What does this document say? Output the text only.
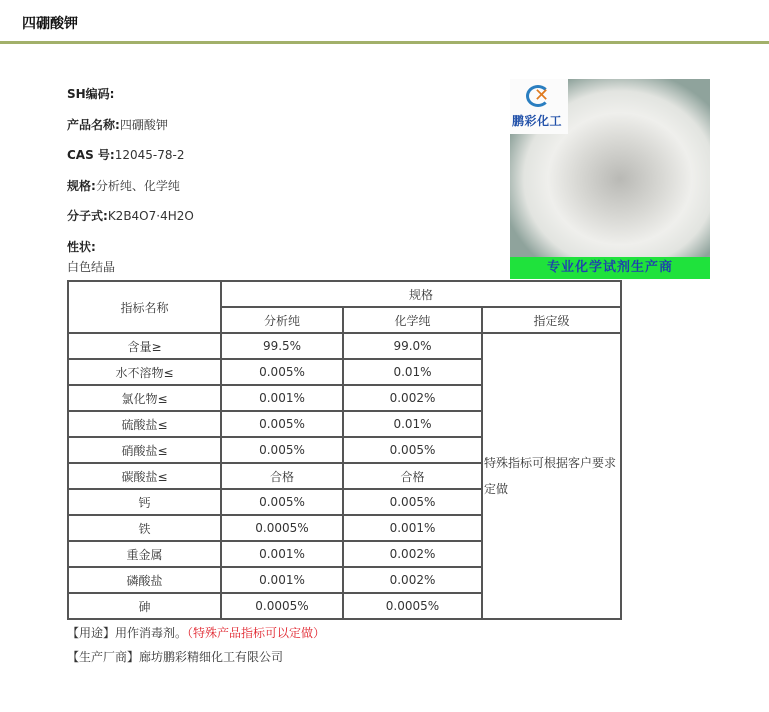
四硼酸钾
SH编码:
产品名称:四硼酸钾
CAS 号:12045-78-2
规格:分析纯、化学纯
分子式:K2B4O7·4H2O
性状:
白色结晶
✕
鹏彩化工
专业化学试剂生产商
指标名称	规格		
	分析纯	化学纯	指定级
含量≥	99.5%	99.0%	特殊指标可根据客户要求定做

水不溶物≤	0.005%	0.01%	
氯化物≤	0.001%	0.002%	
硫酸盐≤	0.005%	0.01%	
硝酸盐≤	0.005%	0.005%	
碳酸盐≤	合格	合格	
钙	0.005%	0.005%	
铁	0.0005%	0.001%	
重金属	0.001%	0.002%	
磷酸盐	0.001%	0.002%	
砷	0.0005%	0.0005%	
【用途】用作消毒剂。（特殊产品指标可以定做）
【生产厂商】廊坊鹏彩精细化工有限公司
